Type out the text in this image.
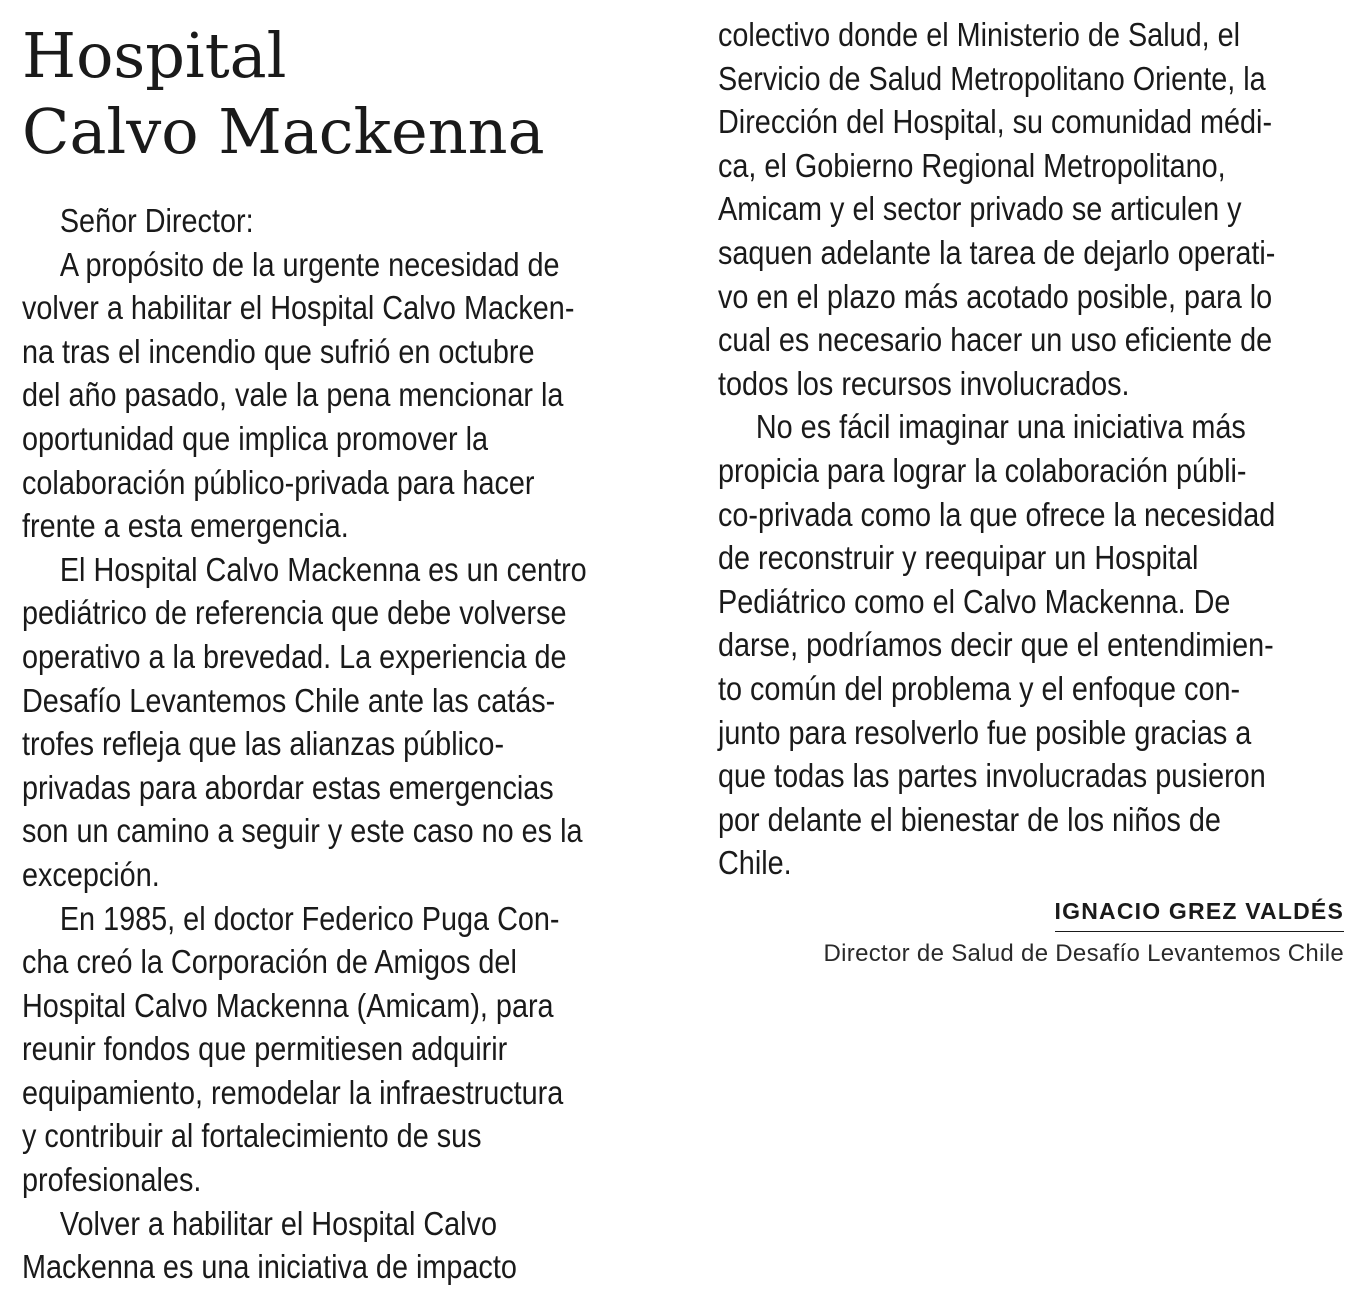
Hospital
Calvo Mackenna
Señor Director:
A propósito de la urgente necesidad de
volver a habilitar el Hospital Calvo Macken-
na tras el incendio que sufrió en octubre
del año pasado, vale la pena mencionar la
oportunidad que implica promover la
colaboración público-privada para hacer
frente a esta emergencia.
El Hospital Calvo Mackenna es un centro
pediátrico de referencia que debe volverse
operativo a la brevedad. La experiencia de
Desafío Levantemos Chile ante las catás-
trofes refleja que las alianzas público-
privadas para abordar estas emergencias
son un camino a seguir y este caso no es la
excepción.
En 1985, el doctor Federico Puga Con-
cha creó la Corporación de Amigos del
Hospital Calvo Mackenna (Amicam), para
reunir fondos que permitiesen adquirir
equipamiento, remodelar la infraestructura
y contribuir al fortalecimiento de sus
profesionales.
Volver a habilitar el Hospital Calvo
Mackenna es una iniciativa de impacto
colectivo donde el Ministerio de Salud, el
Servicio de Salud Metropolitano Oriente, la
Dirección del Hospital, su comunidad médi-
ca, el Gobierno Regional Metropolitano,
Amicam y el sector privado se articulen y
saquen adelante la tarea de dejarlo operati-
vo en el plazo más acotado posible, para lo
cual es necesario hacer un uso eficiente de
todos los recursos involucrados.
No es fácil imaginar una iniciativa más
propicia para lograr la colaboración públi-
co-privada como la que ofrece la necesidad
de reconstruir y reequipar un Hospital
Pediátrico como el Calvo Mackenna. De
darse, podríamos decir que el entendimien-
to común del problema y el enfoque con-
junto para resolverlo fue posible gracias a
que todas las partes involucradas pusieron
por delante el bienestar de los niños de
Chile.
IGNACIO GREZ VALDÉS
Director de Salud de Desafío Levantemos Chile
